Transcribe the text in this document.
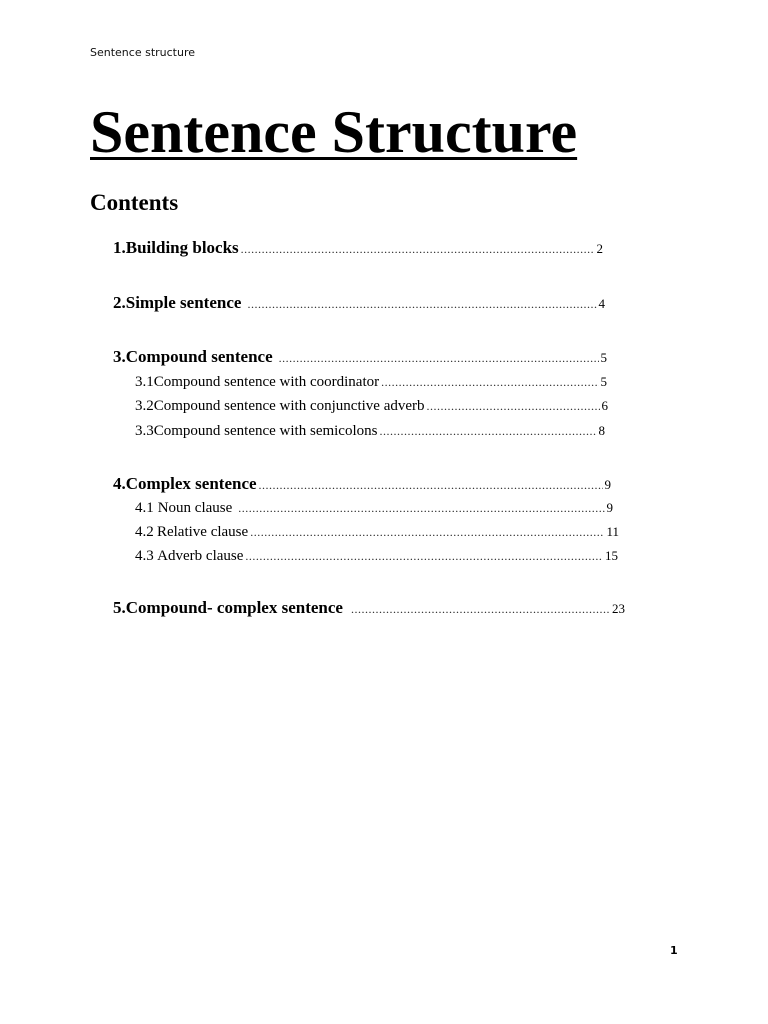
Sentence structure
Sentence Structure
Contents
1. Building blocks .....	2
2. Simple sentence .....	4
3. Compound sentence .....	5
3.1 Compound sentence with coordinator .....	5
3.2 Compound sentence with conjunctive adverb .....	6
3.3 Compound sentence with semicolons .....	8
4. Complex sentence .....	9
4.1 Noun clause .....	9
4.2 Relative clause .....	11
4.3 Adverb clause .....	15
5. Compound- complex sentence .....	23
1
